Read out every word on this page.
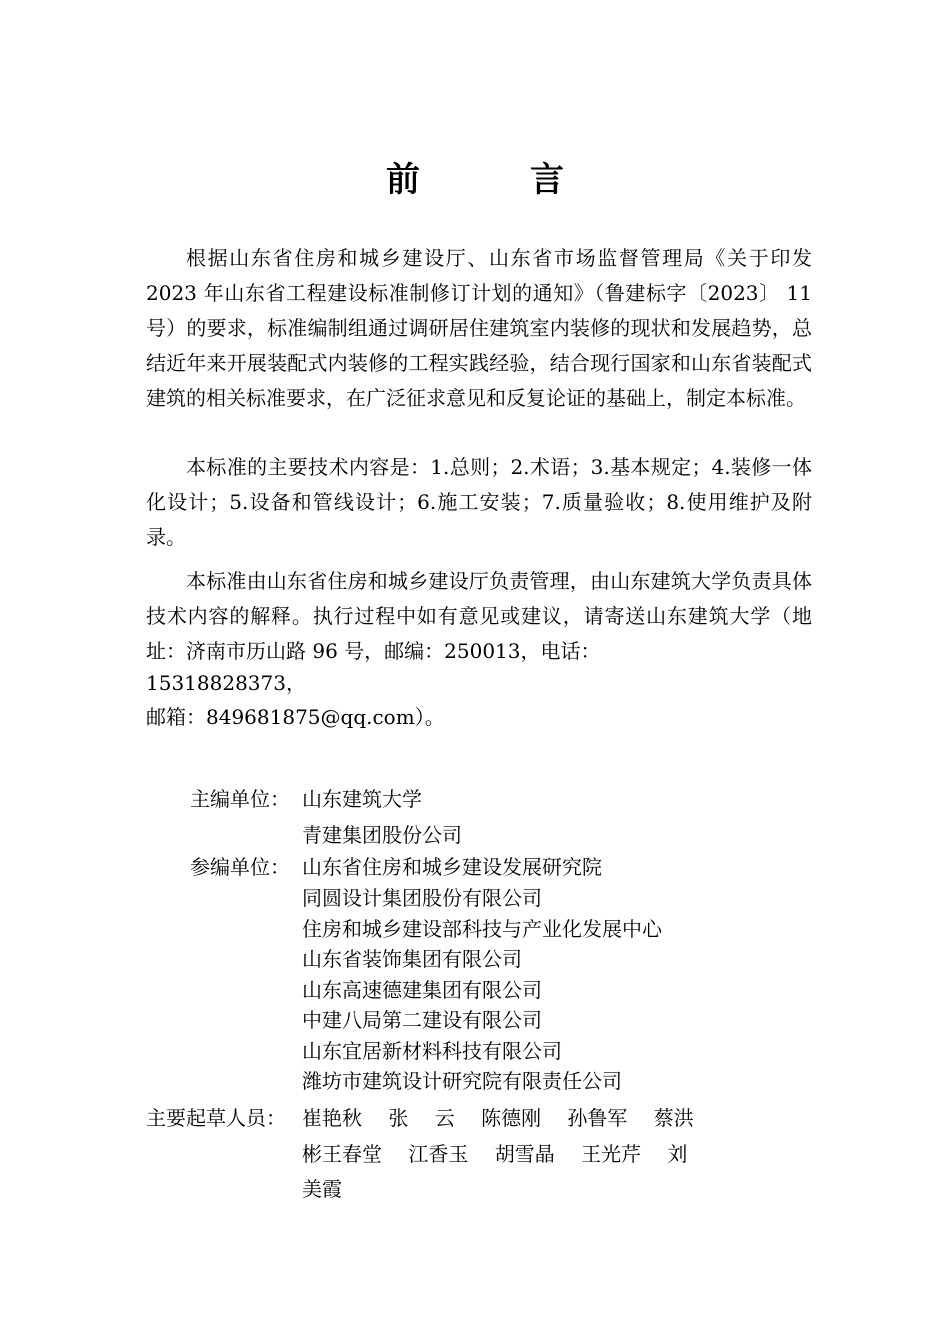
前　言

根据山东省住房和城乡建设厅、山东省市场监督管理局《关于印发 2023 年山东省工程建设标准制修订计划的通知》（鲁建标字〔2023〕 11 号）的要求，标准编制组通过调研居住建筑室内装修的现状和发展趋势，总结近年来开展装配式内装修的工程实践经验，结合现行国家和山东省装配式建筑的相关标准要求，在广泛征求意见和反复论证的基础上，制定本标准。

本标准的主要技术内容是：1.总则；2.术语；3.基本规定；4.装修一体化设计；5.设备和管线设计；6.施工安装；7.质量验收；8.使用维护及附录。

本标准由山东省住房和城乡建设厅负责管理，由山东建筑大学负责具体技术内容的解释。执行过程中如有意见或建议，请寄送山东建筑大学（地址：济南市历山路 96 号，邮编：250013，电话：

15318828373，
邮箱：849681875@qq.com）。
主编单位： 山东建筑大学
青建集团股份公司
参编单位： 山东省住房和城乡建设发展研究院
同圆设计集团股份有限公司
住房和城乡建设部科技与产业化发展中心
山东省装饰集团有限公司
山东高速德建集团有限公司
中建八局第二建设有限公司
山东宜居新材料科技有限公司
潍坊市建筑设计研究院有限责任公司
主要起草人员： 崔艳秋　 张　 云　 陈德刚　 孙鲁军　 蔡洪
彬王春堂　 江香玉　 胡雪晶　 王光芹　 刘
美霞
